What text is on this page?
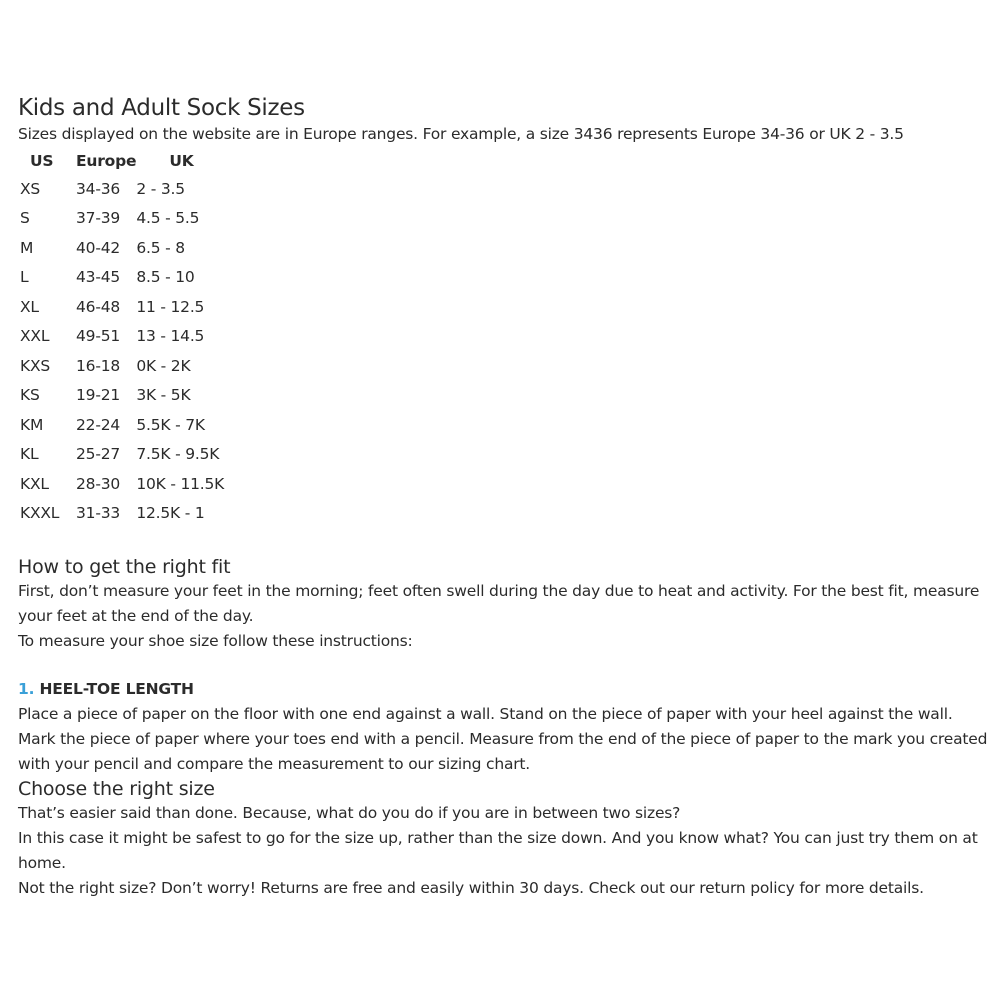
Kids and Adult Sock Sizes

Sizes displayed on the website are in Europe ranges. For example, a size 3436 represents Europe 34-36 or UK 2 - 3.5

US	Europe	UK
XS	34-36	2 - 3.5
S	37-39	4.5 - 5.5
M	40-42	6.5 - 8
L	43-45	8.5 - 10
XL	46-48	11 - 12.5
XXL	49-51	13 - 14.5
KXS	16-18	0K - 2K
KS	19-21	3K - 5K
KM	22-24	5.5K - 7K
KL	25-27	7.5K - 9.5K
KXL	28-30	10K - 11.5K
KXXL	31-33	12.5K - 1
How to get the right fit

First, don’t measure your feet in the morning; feet often swell during the day due to heat and activity. For the best fit, measure your feet at the end of the day.

To measure your shoe size follow these instructions:

1. HEEL-TOE LENGTH

Place a piece of paper on the floor with one end against a wall. Stand on the piece of paper with your heel against the wall. Mark the piece of paper where your toes end with a pencil. Measure from the end of the piece of paper to the mark you created with your pencil and compare the measurement to our sizing chart.

Choose the right size

That’s easier said than done. Because, what do you do if you are in between two sizes?

In this case it might be safest to go for the size up, rather than the size down. And you know what? You can just try them on at home.

Not the right size? Don’t worry! Returns are free and easily within 30 days. Check out our return policy for more details.
